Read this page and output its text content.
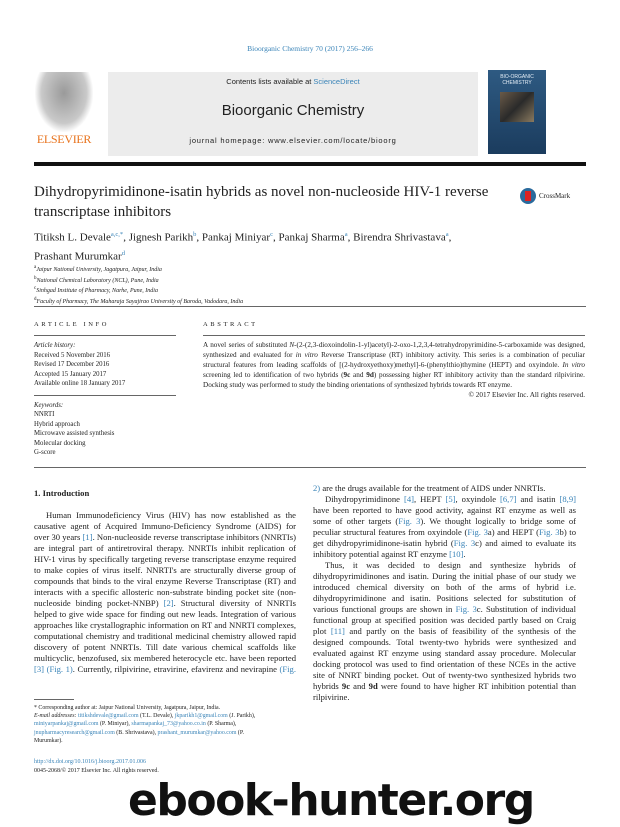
Bioorganic Chemistry 70 (2017) 256–266
ELSEVIER
Contents lists available at ScienceDirect
Bioorganic Chemistry
journal homepage: www.elsevier.com/locate/bioorg
BIO-ORGANIC CHEMISTRY
Dihydropyrimidinone-isatin hybrids as novel non-nucleoside HIV-1 reverse transcriptase inhibitors
CrossMark
Titiksh L. Devale$^{a,c,*}$, Jignesh Parikh$^b$, Pankaj Miniyar$^c$, Pankaj Sharma$^a$, Birendra Shrivastava$^a$,
Prashant Murumkar$^d$
$^a$Jaipur National University, Jagatpura, Jaipur, India
$^b$National Chemical Laboratory (NCL), Pune, India
$^c$Sinhgad Institute of Pharmacy, Narhe, Pune, India
$^d$Faculty of Pharmacy, The Maharaja Sayajirao University of Baroda, Vadodara, India
ARTICLE INFO	ABSTRACT
Article history:
Received 5 November 2016
Revised 17 December 2016
Accepted 15 January 2017
Available online 18 January 2017
Keywords:
NNRTI
Hybrid approach
Microwave assisted synthesis
Molecular docking
G-score
A novel series of substituted N-(2-(2,3-dioxoindolin-1-yl)acetyl)-2-oxo-1,2,3,4-tetrahydropyrimidine-5-carboxamide was designed, synthesized and evaluated for in vitro Reverse Transcriptase (RT) inhibitory activity. This series is a combination of peculiar structural features from leading scaffolds of [(2-hydroxyethoxy)methyl]-6-(phenylthio)thymine (HEPT) and oxyindole. In vitro screening led to identification of two hybrids (9c and 9d) possessing higher RT inhibitory activity than the standard rilpivirine. Docking study was performed to study the binding orientations of synthesized hybrids towards RT enzyme.
© 2017 Elsevier Inc. All rights reserved.
1. Introduction

Human Immunodeficiency Virus (HIV) has now established as the causative agent of Acquired Immuno-Deficiency Syndrome (AIDS) for over 30 years [1]. Non-nucleoside reverse transcriptase inhibitors (NNRTIs) are integral part of antiretroviral therapy. NNRTIs inhibit replication of HIV-1 virus by specifically targeting reverse transcriptase enzyme required to make copies of virus itself. NNRTI's are structurally diverse group of compounds that binds to the viral enzyme Reverse Transcriptase (RT) and interacts with a specific allosteric non-substrate binding pocket site (non-nucleoside binding pocket-NNBP) [2]. Structural diversity of NNRTIs helped to give wide space for finding out new leads. Integration of various approaches like crystallographic information on RT and NNRTI complexes, computational chemistry and traditional medicinal chemistry allowed rapid discovery of potent NNRTIs. Till date various chemical scaffolds like multicyclic, benzofused, six membered heterocycle etc. have been reported [3] (Fig. 1). Currently, rilpivirine, etravirine, efavirenz and nevirapine (Fig.

2) are the drugs available for the treatment of AIDS under NNRTIs.

Dihydropyrimidinone [4], HEPT [5], oxyindole [6,7] and isatin [8,9] have been reported to have good activity, against RT enzyme as well as some of other targets (Fig. 3). We thought logically to bridge some of peculiar structural features from oxyindole (Fig. 3a) and HEPT (Fig. 3b) to get dihydropyrimidinone-isatin hybrid (Fig. 3c) and aimed to evaluate its inhibitory potential against RT enzyme [10].

Thus, it was decided to design and synthesize hybrids of dihydropyrimidinones and isatin. During the initial phase of our study we introduced chemical diversity on both of the arms of hybrid i.e. dihydropyrimidinone and isatin. Positions selected for substitution of various functional groups are shown in Fig. 3c. Substitution of individual functional group at specified position was decided partly based on Craig plot [11] and partly on the basis of feasibility of the synthesis of the designed compounds. Total twenty-two hybrids were synthesized and evaluated against RT enzyme using standard assay procedure. Molecular docking protocol was used to find orientation of these NCEs in the active site of NNRT binding pocket. Out of twenty-two synthesized hybrids two hybrids 9c and 9d were found to have higher RT inhibition potential than rilpivirine.

* Corresponding author at: Jaipur National University, Jagatpura, Jaipur, India.
E-mail addresses: titikshdevale@gmail.com (T.L. Devale), jkparikh1@gmail.com (J. Parikh), miniyarpankaj@gmail.com (P. Miniyar), sharmapankaj_73@yahoo.co.in (P. Sharma), jnupharmacyresearch@gmail.com (B. Shrivastava), prashant_murumkar@yahoo.com (P. Murumkar).
http://dx.doi.org/10.1016/j.bioorg.2017.01.006
0045-2068/© 2017 Elsevier Inc. All rights reserved.
ebook-hunter.org
